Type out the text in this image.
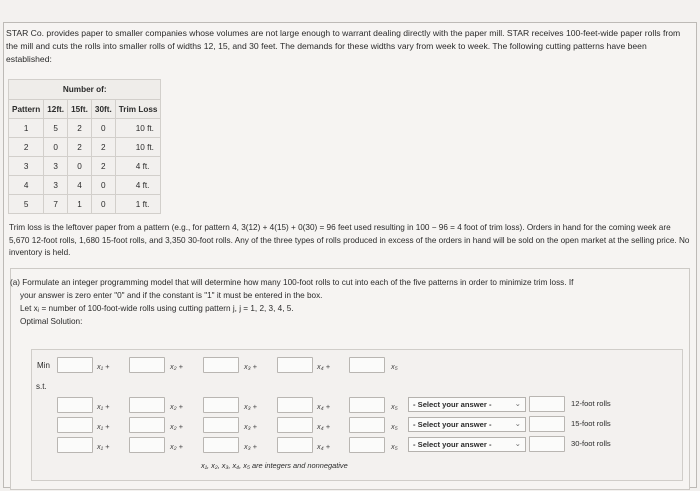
STAR Co. provides paper to smaller companies whose volumes are not large enough to warrant dealing directly with the paper mill. STAR receives 100-feet-wide paper rolls from the mill and cuts the rolls into smaller rolls of widths 12, 15, and 30 feet. The demands for these widths vary from week to week. The following cutting patterns have been established:

Number of:				
Pattern	12ft.	15ft.	30ft.	Trim Loss
1	5	2	0	10 ft.
2	0	2	2	10 ft.
3	3	0	2	4 ft.
4	3	4	0	4 ft.
5	7	1	0	1 ft.

Trim loss is the leftover paper from a pattern (e.g., for pattern 4, 3(12) + 4(15) + 0(30) = 96 feet used resulting in 100 − 96 = 4 foot of trim loss). Orders in hand for the coming week are 5,670 12-foot rolls, 1,680 15-foot rolls, and 3,350 30-foot rolls. Any of the three types of rolls produced in excess of the orders in hand will be sold on the open market at the selling price. No inventory is held.

(a) Formulate an integer programming model that will determine how many 100-foot rolls to cut into each of the five patterns in order to minimize trim loss. If

your answer is zero enter "0" and if the constant is "1" it must be entered in the box.

Let xⱼ = number of 100-foot-wide rolls using cutting pattern j, j = 1, 2, 3, 4, 5.

Optimal Solution:

Min	x₁ +	x₂ +	x₃ +	x₄ +	x₅
s.t.
x₁ +	x₂ +	x₃ +	x₄ +	x₅	- Select your answer -	⌄	12-foot rolls
x₁ +	x₂ +	x₃ +	x₄ +	x₅	- Select your answer -	⌄	15-foot rolls
x₁ +	x₂ +	x₃ +	x₄ +	x₅	- Select your answer -	⌄	30-foot rolls
x₁, x₂, x₃, x₄, x₅ are integers and nonnegative
